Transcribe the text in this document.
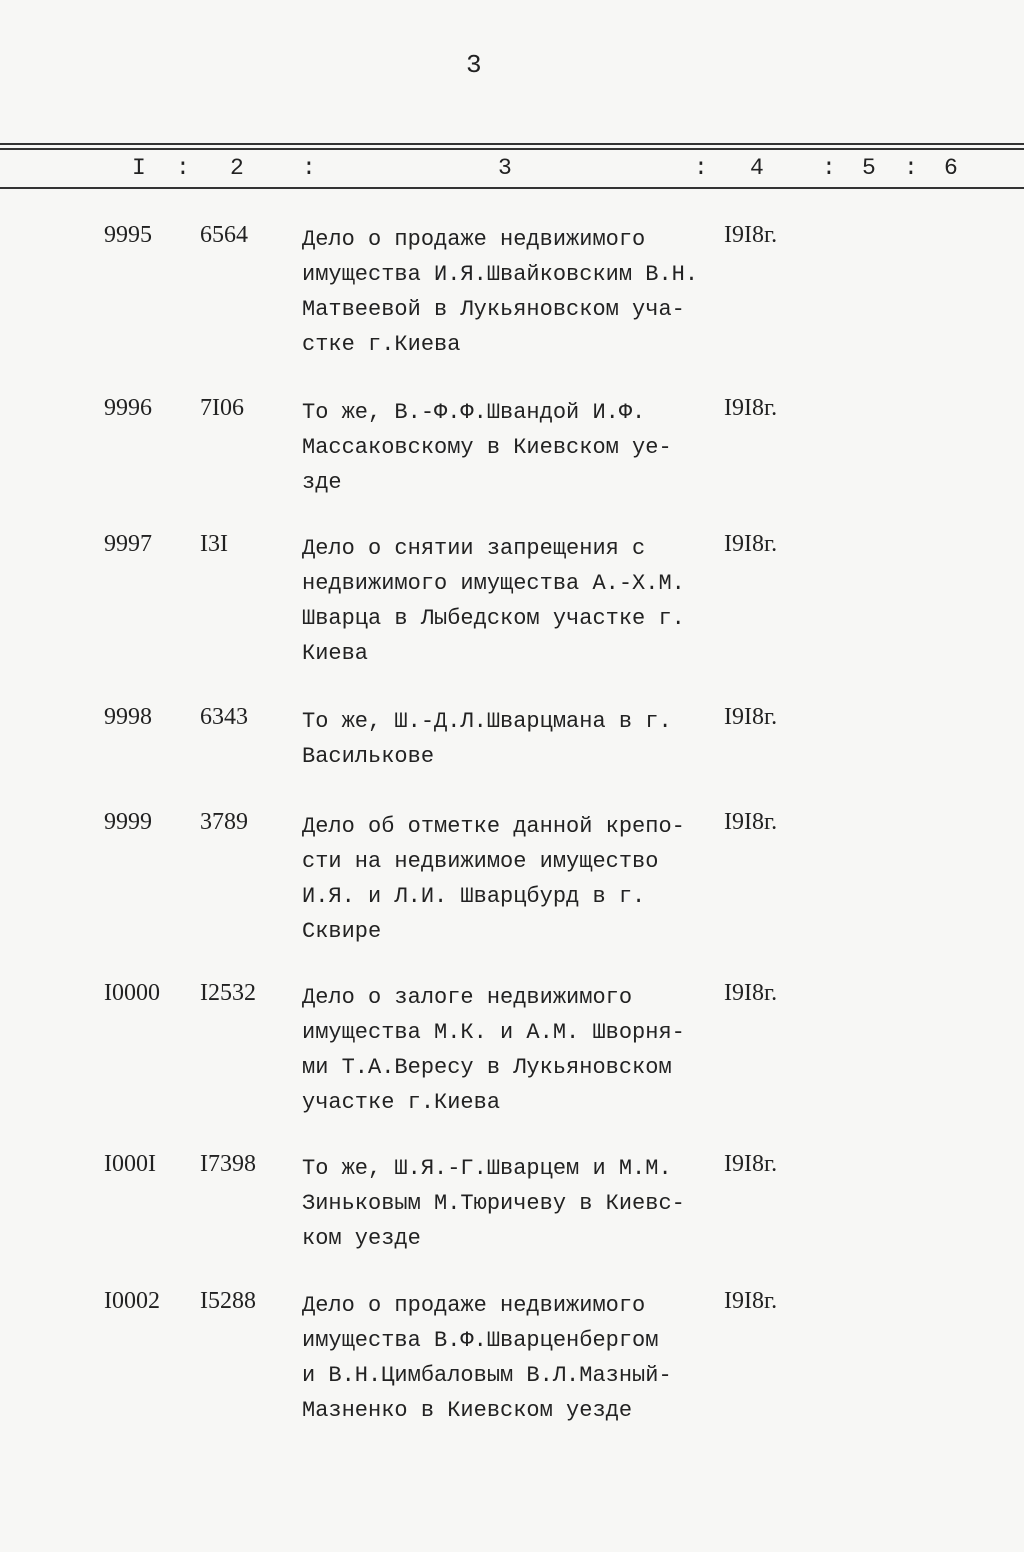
3
I : 2	:	3	: 4	: 5 : 6
9995	6564	Дело о продаже недвижимого
имущества И.Я.Швайковским В.Н.
Матвеевой в Лукьяновском уча-
стке г.Киева
I9I8г.
9996	7I06	То же, В.-Ф.Ф.Швандой И.Ф.
Массаковскому в Киевском уе-
зде
I9I8г.
9997	I3I	Дело о снятии запрещения с
недвижимого имущества А.-Х.М.
Шварца в Лыбедском участке г.
Киева
I9I8г.
9998	6343	То же, Ш.-Д.Л.Шварцмана в г.
Василькове
I9I8г.
9999	3789	Дело об отметке данной крепо-
сти на недвижимое имущество
И.Я. и Л.И. Шварцбурд в г.
Сквире
I9I8г.
I0000	I2532	Дело о залоге недвижимого
имущества М.К. и А.М. Шворня-
ми Т.А.Вересу в Лукьяновском
участке г.Киева
I9I8г.
I000I	I7398	То же, Ш.Я.-Г.Шварцем и М.М.
Зиньковым М.Тюричеву в Киевс-
ком уезде
I9I8г.
I0002	I5288	Дело о продаже недвижимого
имущества В.Ф.Шварценбергом
и В.Н.Цимбаловым В.Л.Мазный-
Мазненко в Киевском уезде
I9I8г.
